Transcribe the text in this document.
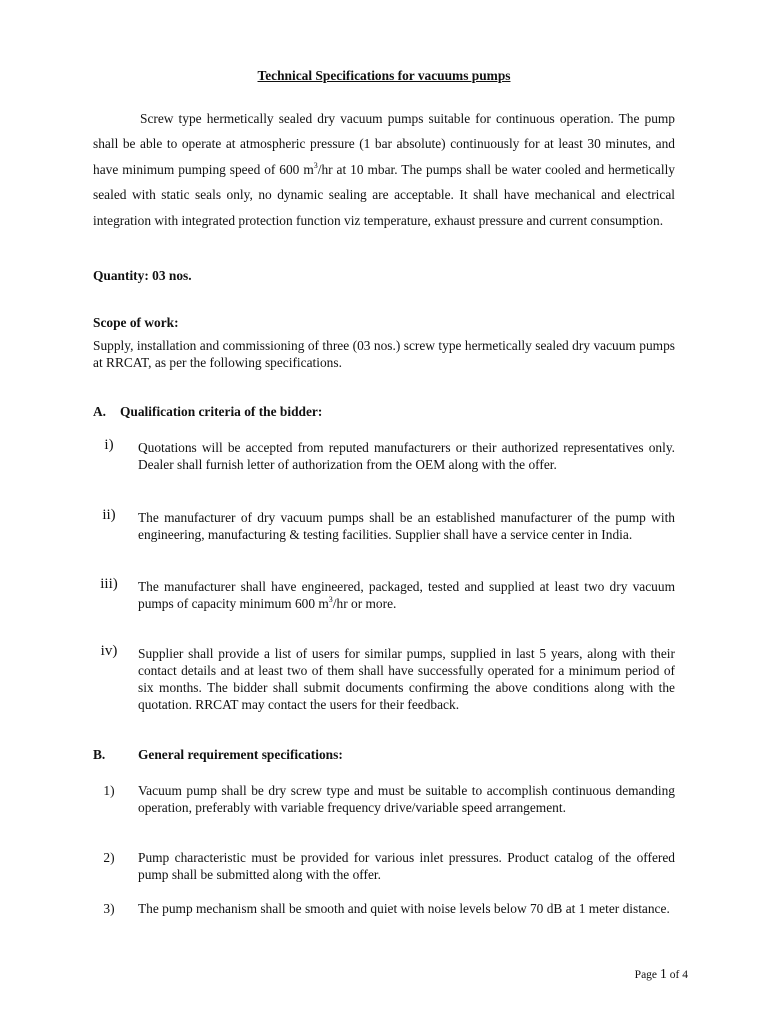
Technical Specifications for vacuums pumps

Screw type hermetically sealed dry vacuum pumps suitable for continuous operation. The pump shall be able to operate at atmospheric pressure (1 bar absolute) continuously for at least 30 minutes, and have minimum pumping speed of 600 $m^3/hr$ at 10 mbar. The pumps shall be water cooled and hermetically sealed with static seals only, no dynamic sealing are acceptable. It shall have mechanical and electrical integration with integrated protection function viz temperature, exhaust pressure and current consumption.

Quantity: 03 nos.
Scope of work:

Supply, installation and commissioning of three (03 nos.) screw type hermetically sealed dry vacuum pumps at RRCAT, as per the following specifications.

A. Qualification criteria of the bidder:
i)	Quotations will be accepted from reputed manufacturers or their authorized representatives only. Dealer shall furnish letter of authorization from the OEM along with the offer.

ii)	The manufacturer of dry vacuum pumps shall be an established manufacturer of the pump with engineering, manufacturing & testing facilities. Supplier shall have a service center in India.

iii)	The manufacturer shall have engineered, packaged, tested and supplied at least two dry vacuum pumps of capacity minimum 600 $m^3/hr$ or more.

iv)	Supplier shall provide a list of users for similar pumps, supplied in last 5 years, along with their contact details and at least two of them shall have successfully operated for a minimum period of six months. The bidder shall submit documents confirming the above conditions along with the quotation. RRCAT may contact the users for their feedback.

B. General requirement specifications:
1)	Vacuum pump shall be dry screw type and must be suitable to accomplish continuous demanding operation, preferably with variable frequency drive/variable speed arrangement.

2)	Pump characteristic must be provided for various inlet pressures. Product catalog of the offered pump shall be submitted along with the offer.

3)	The pump mechanism shall be smooth and quiet with noise levels below 70 dB at 1 meter distance.

Page 1 of 4
